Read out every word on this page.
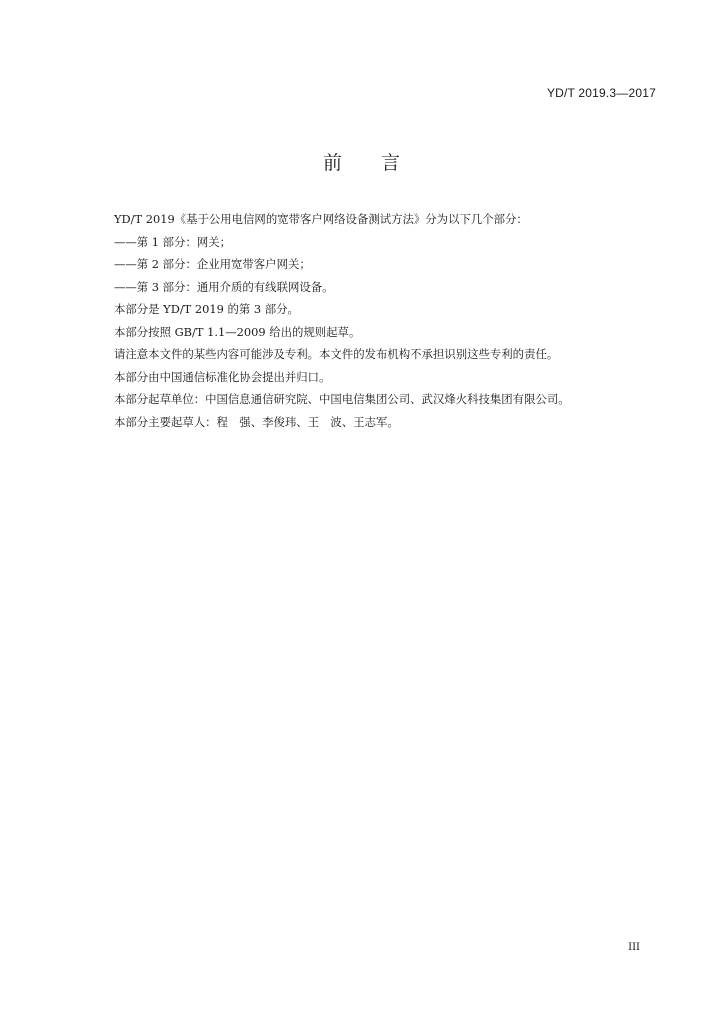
YD/T 2019.3—2017
前 言
YD/T 2019《基于公用电信网的宽带客户网络设备测试方法》分为以下几个部分：
——第 1 部分：网关；
——第 2 部分：企业用宽带客户网关；
——第 3 部分：通用介质的有线联网设备。
本部分是 YD/T 2019 的第 3 部分。
本部分按照 GB/T 1.1—2009 给出的规则起草。
请注意本文件的某些内容可能涉及专利。本文件的发布机构不承担识别这些专利的责任。
本部分由中国通信标准化协会提出并归口。
本部分起草单位：中国信息通信研究院、中国电信集团公司、武汉烽火科技集团有限公司。
本部分主要起草人：程　强、李俊玮、王　波、王志军。
III
